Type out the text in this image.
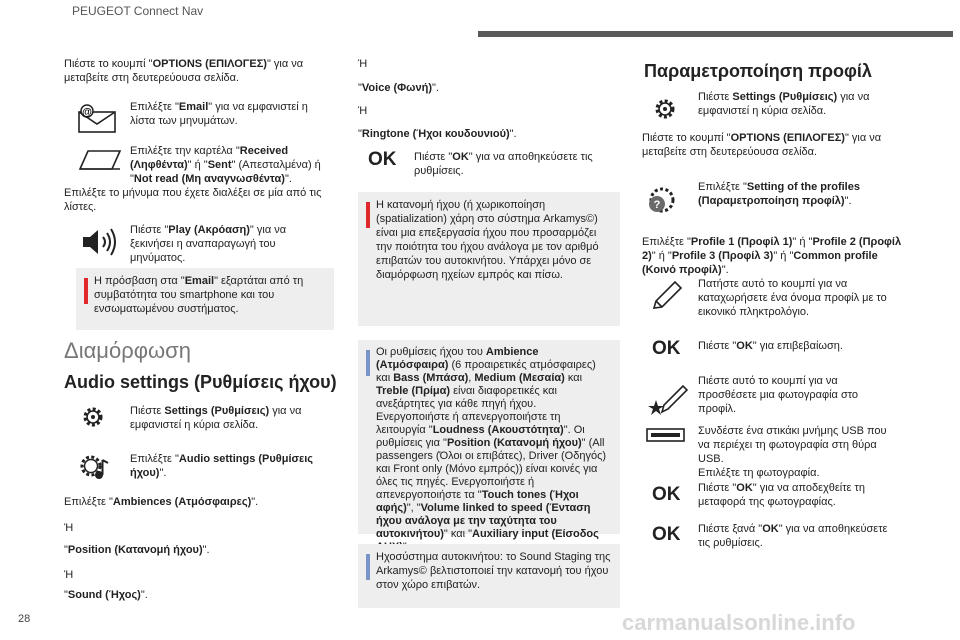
PEUGEOT Connect Nav
28	carmanualsonline.info

Πιέστε το κουμπί "OPTIONS (ΕΠΙΛΟΓΕΣ)" για να μεταβείτε στη δευτερεύουσα σελίδα.

@	Επιλέξτε "Email" για να εμφανιστεί η λίστα των μηνυμάτων.

Επιλέξτε την καρτέλα "Received (Ληφθέντα)" ή "Sent" (Απεσταλμένα) ή "Not read (Μη αναγνωσθέντα)".

Επιλέξτε το μήνυμα που έχετε διαλέξει σε μία από τις λίστες.

Πιέστε "Play (Ακρόαση)" για να ξεκινήσει η αναπαραγωγή του μηνύματος.

Η πρόσβαση στα "Email" εξαρτάται από τη συμβατότητα του smartphone και του ενσωματωμένου συστήματος.
Διαμόρφωση
Audio settings (Ρυθμίσεις ήχου)

Πιέστε Settings (Ρυθμίσεις) για να εμφανιστεί η κύρια σελίδα.

Επιλέξτε "Audio settings (Ρυθμίσεις ήχου)".

Επιλέξτε "Ambiences (Ατμόσφαιρες)".

Ή

"Position (Κατανομή ήχου)".

Ή

"Sound (Ήχος)".

Ή

"Voice (Φωνή)".

Ή

"Ringtone (Ήχοι κουδουνιού)".

OK Πιέστε "OK" για να αποθηκεύσετε τις ρυθμίσεις.

Η κατανομή ήχου (ή χωρικοποίηση (spatialization) χάρη στο σύστημα Arkamys©) είναι μια επεξεργασία ήχου που προσαρμόζει την ποιότητα του ήχου ανάλογα με τον αριθμό επιβατών του αυτοκινήτου. Υπάρχει μόνο σε διαμόρφωση ηχείων εμπρός και πίσω.
Οι ρυθμίσεις ήχου του Ambience (Ατμόσφαιρα) (6 προαιρετικές ατμόσφαιρες) και Bass (Μπάσα), Medium (Μεσαία) και Treble (Πρίμα) είναι διαφορετικές και ανεξάρτητες για κάθε πηγή ήχου. Ενεργοποιήστε ή απενεργοποιήστε τη λειτουργία "Loudness (Ακουστότητα)". Οι ρυθμίσεις για "Position (Κατανομή ήχου)" (All passengers (Όλοι οι επιβάτες), Driver (Οδηγός) και Front only (Μόνο εμπρός)) είναι κοινές για όλες τις πηγές. Ενεργοποιήστε ή απενεργοποιήστε τα "Touch tones (Ήχοι αφής)", "Volume linked to speed (Ένταση ήχου ανάλογα με την ταχύτητα του αυτοκινήτου)" και "Auxiliary input (Είσοδος
Ηχοσύστημα αυτοκινήτου: το Sound Staging της Arkamys© βελτιστοποιεί την κατανομή του ήχου στον χώρο επιβατών.
Παραμετροποίηση προφίλ

Πιέστε Settings (Ρυθμίσεις) για να εμφανιστεί η κύρια σελίδα.

Πιέστε το κουμπί "OPTIONS (ΕΠΙΛΟΓΕΣ)" για να μεταβείτε στη δευτερεύουσα σελίδα.

?

Επιλέξτε "Setting of the profiles (Παραμετροποίηση προφίλ)".

Επιλέξτε "Profile 1 (Προφίλ 1)" ή "Profile 2 (Προφίλ 2)" ή "Profile 3 (Προφίλ 3)" ή "Common profile (Κοινό προφίλ)".

Πατήστε αυτό το κουμπί για να καταχωρήσετε ένα όνομα προφίλ με το εικονικό πληκτρολόγιο.

OK Πιέστε "OK" για επιβεβαίωση.

Πιέστε αυτό το κουμπί για να προσθέσετε μια φωτογραφία στο προφίλ.

Συνδέστε ένα στικάκι μνήμης USB που να περιέχει τη φωτογραφία στη θύρα USB.

Επιλέξτε τη φωτογραφία.

OK Πιέστε "OK" για να αποδεχθείτε τη μεταφορά της φωτογραφίας.

OK Πιέστε ξανά "OK" για να αποθηκεύσετε τις ρυθμίσεις.
